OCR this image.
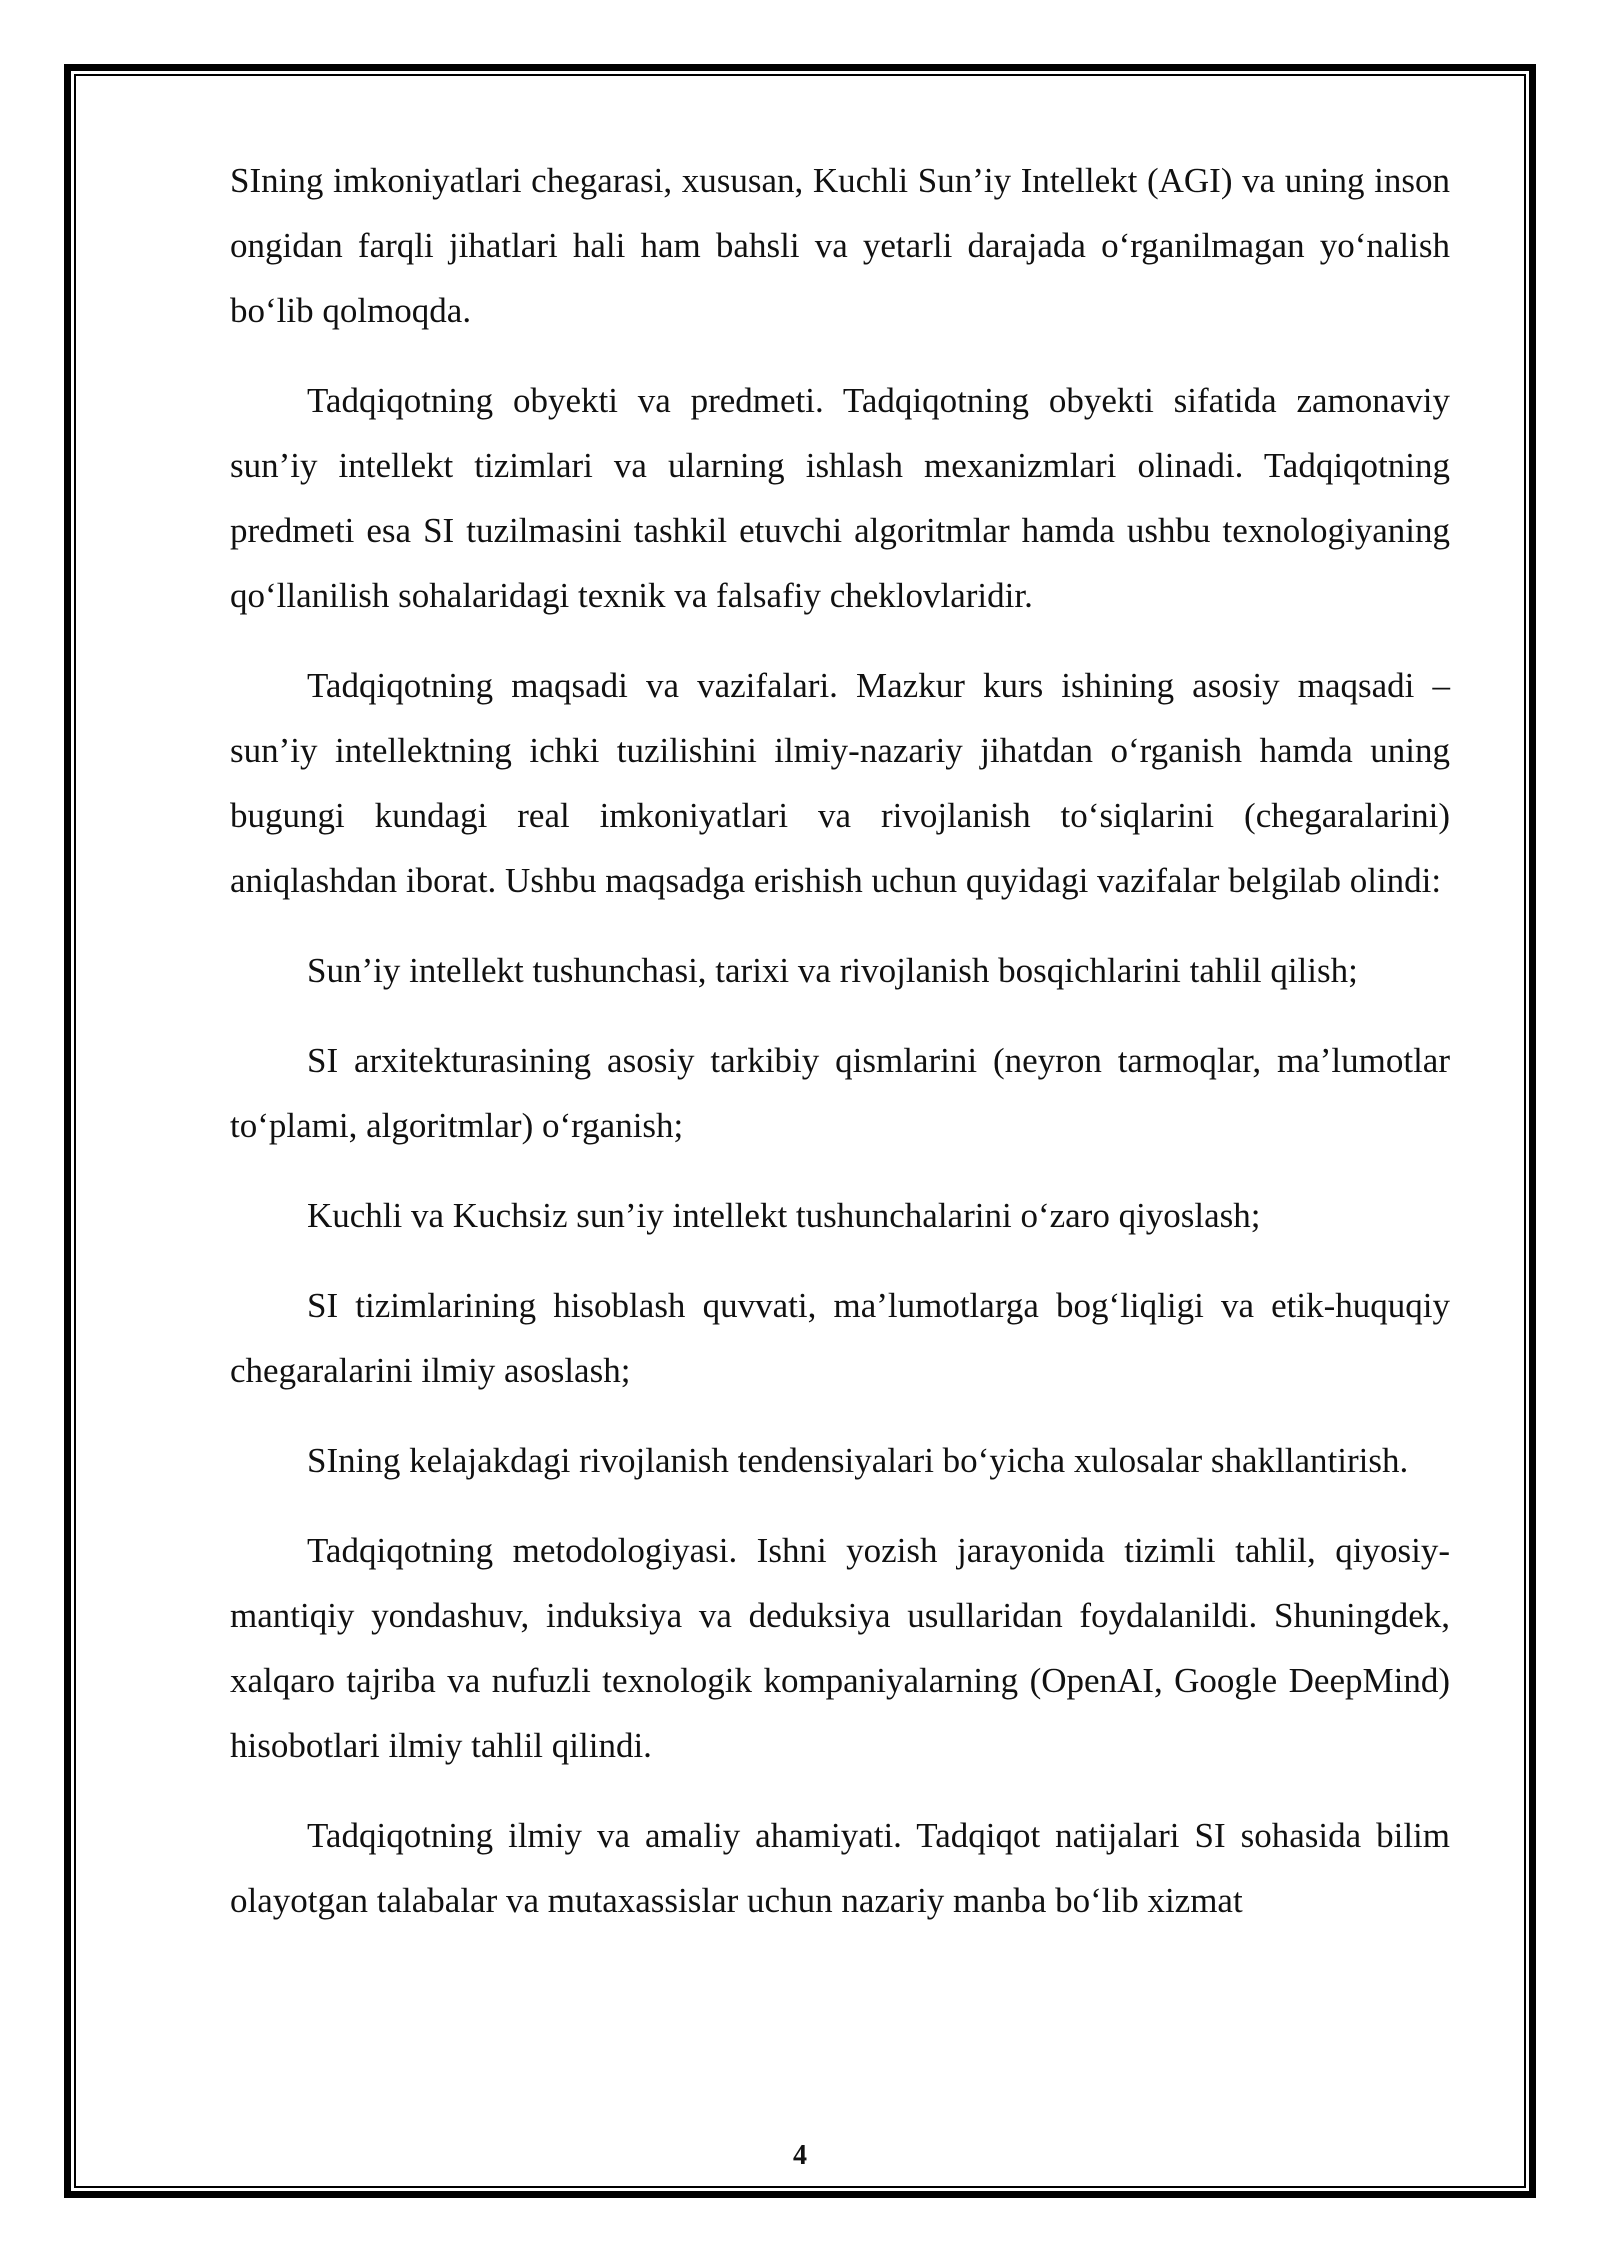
SIning imkoniyatlari chegarasi, xususan, Kuchli Sun’iy Intellekt (AGI) va uning inson ongidan farqli jihatlari hali ham bahsli va yetarli darajada o‘rganilmagan yo‘nalish bo‘lib qolmoqda.

Tadqiqotning obyekti va predmeti. Tadqiqotning obyekti sifatida zamonaviy sun’iy intellekt tizimlari va ularning ishlash mexanizmlari olinadi. Tadqiqotning predmeti esa SI tuzilmasini tashkil etuvchi algoritmlar hamda ushbu texnologiyaning qo‘llanilish sohalaridagi texnik va falsafiy cheklovlaridir.

Tadqiqotning maqsadi va vazifalari. Mazkur kurs ishining asosiy maqsadi – sun’iy intellektning ichki tuzilishini ilmiy-nazariy jihatdan o‘rganish hamda uning bugungi kundagi real imkoniyatlari va rivojlanish to‘siqlarini (chegaralarini) aniqlashdan iborat. Ushbu maqsadga erishish uchun quyidagi vazifalar belgilab olindi:

Sun’iy intellekt tushunchasi, tarixi va rivojlanish bosqichlarini tahlil qilish;

SI arxitekturasining asosiy tarkibiy qismlarini (neyron tarmoqlar, ma’lumotlar to‘plami, algoritmlar) o‘rganish;

Kuchli va Kuchsiz sun’iy intellekt tushunchalarini o‘zaro qiyoslash;

SI tizimlarining hisoblash quvvati, ma’lumotlarga bog‘liqligi va etik-huquqiy chegaralarini ilmiy asoslash;

SIning kelajakdagi rivojlanish tendensiyalari bo‘yicha xulosalar shakllantirish.

Tadqiqotning metodologiyasi. Ishni yozish jarayonida tizimli tahlil, qiyosiy-mantiqiy yondashuv, induksiya va deduksiya usullaridan foydalanildi. Shuningdek, xalqaro tajriba va nufuzli texnologik kompaniyalarning (OpenAI, Google DeepMind) hisobotlari ilmiy tahlil qilindi.

Tadqiqotning ilmiy va amaliy ahamiyati. Tadqiqot natijalari SI sohasida bilim olayotgan talabalar va mutaxassislar uchun nazariy manba bo‘lib xizmat

4
